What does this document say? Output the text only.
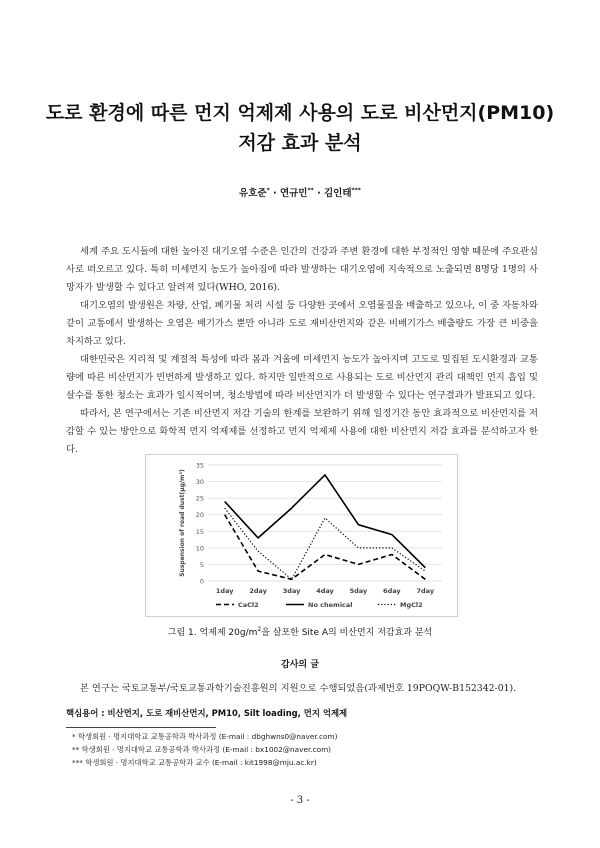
도로 환경에 따른 먼지 억제제 사용의 도로 비산먼지(PM10)
저감 효과 분석
유호준* · 연규민** · 김인태***

세계 주요 도시들에 대한 높아진 대기오염 수준은 인간의 건강과 주변 환경에 대한 부정적인 영향 때문에 주요관심사로 떠오르고 있다. 특히 미세먼지 농도가 높아짐에 따라 발생하는 대기오염에 지속적으로 노출되면 8명당 1명의 사망자가 발생할 수 있다고 알려져 있다(WHO, 2016).

대기오염의 발생원은 차량, 산업, 폐기물 처리 시설 등 다양한 곳에서 오염물질을 배출하고 있으나, 이 중 자동차와 같이 교통에서 발생하는 오염은 배기가스 뿐만 아니라 도로 재비산먼지와 같은 비배기가스 배출량도 가장 큰 비중을 차지하고 있다.

대한민국은 지리적 및 계절적 특성에 따라 봄과 겨울에 미세먼지 농도가 높아지며 고도로 밀집된 도시환경과 교통량에 따른 비산먼지가 빈번하게 발생하고 있다. 하지만 일반적으로 사용되는 도로 비산먼지 관리 대책인 먼지 흡입 및 살수를 통한 청소는 효과가 일시적이며, 청소방법에 따라 비산먼지가 더 발생할 수 있다는 연구결과가 발표되고 있다.

따라서, 본 연구에서는 기존 비산먼지 저감 기술의 한계를 보완하기 위해 일정기간 동안 효과적으로 비산먼지를 저감할 수 있는 방안으로 화학적 먼지 억제제를 선정하고 먼지 억제제 사용에 대한 비산먼지 저감 효과를 분석하고자 한다.

0
5
10
15
20
25
30
35
1day 2day 3day 4day 5day 6day 7day
Suspension of road dust(μg/m³)
CaCl2	No chemical	MgCl2
그림 1. 억제제 $20g/m^2$을 살포한 Site A의 비산먼지 저감효과 분석
감사의 글
본 연구는 국토교통부/국토교통과학기술진흥원의 지원으로 수행되었음(과제번호 19POQW-B152342-01).
핵심용어 : 비산먼지, 도로 재비산먼지, PM10, Silt loading, 먼지 억제제
* 학생회원 · 명지대학교 교통공학과 박사과정 (E-mail : dbghwns0@naver.com)
** 학생회원 · 명지대학교 교통공학과 박사과정 (E-mail : bx1002@naver.com)
*** 학생회원 · 명지대학교 교통공학과 교수 (E-mail : kit1998@mju.ac.kr)
- 3 -
